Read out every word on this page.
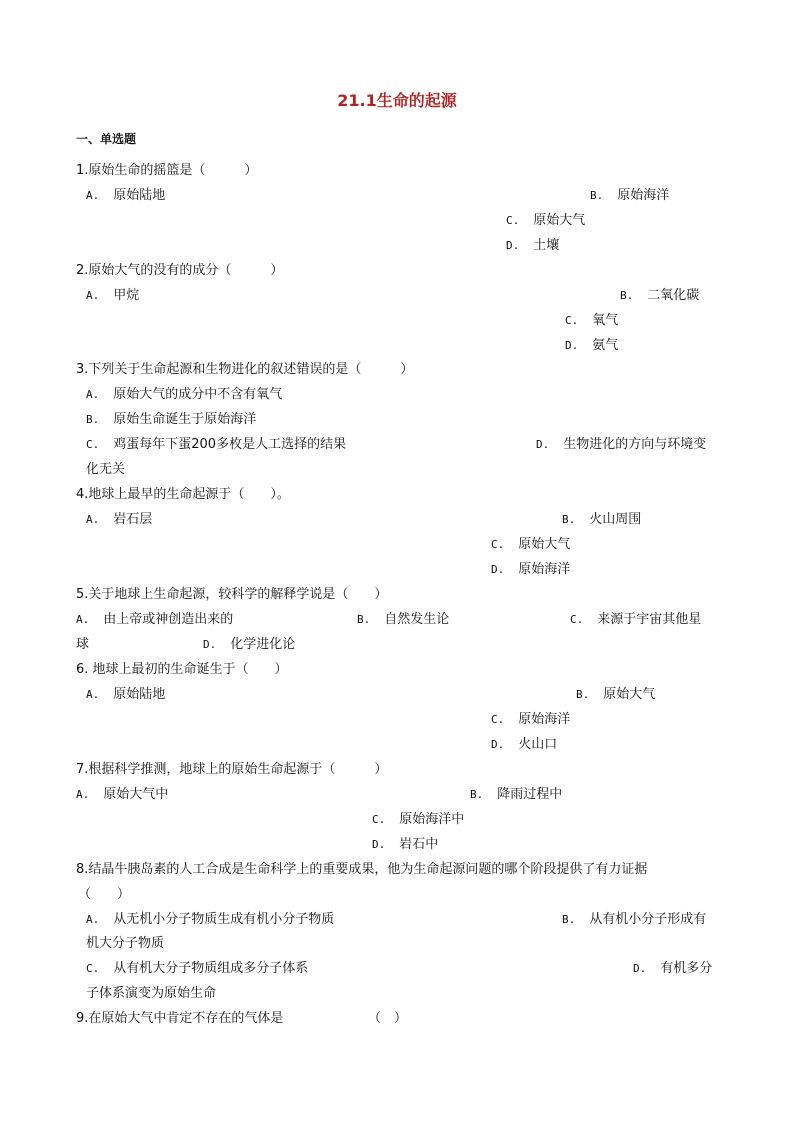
21.1生命的起源
一、单选题
1.原始生命的摇篮是（　　　）
A. 原始陆地	B. 原始海洋
C. 原始大气
D. 土壤
2.原始大气的没有的成分（　　　）
A. 甲烷	B. 二氧化碳
C. 氧气
D. 氨气
3.下列关于生命起源和生物进化的叙述错误的是（　　　）
A. 原始大气的成分中不含有氧气
B. 原始生命诞生于原始海洋
C. 鸡蛋每年下蛋200多枚是人工选择的结果	D. 生物进化的方向与环境变
化无关
4.地球上最早的生命起源于（　　）。
A. 岩石层	B. 火山周围
C. 原始大气
D. 原始海洋
5.关于地球上生命起源，较科学的解释学说是（　　）
A. 由上帝或神创造出来的	B. 自然发生论	C. 来源于宇宙其他星
球	D. 化学进化论
6. 地球上最初的生命诞生于（　　）
A. 原始陆地	B. 原始大气
C. 原始海洋
D. 火山口
7.根据科学推测，地球上的原始生命起源于（　　　）
A. 原始大气中	B. 降雨过程中
C. 原始海洋中
D. 岩石中
8.结晶牛胰岛素的人工合成是生命科学上的重要成果，他为生命起源问题的哪个阶段提供了有力证据
（　　）
A. 从无机小分子物质生成有机小分子物质	B. 从有机小分子形成有
机大分子物质
C. 从有机大分子物质组成多分子体系	D. 有机多分
子体系演变为原始生命
9.在原始大气中肯定不存在的气体是	（　）
